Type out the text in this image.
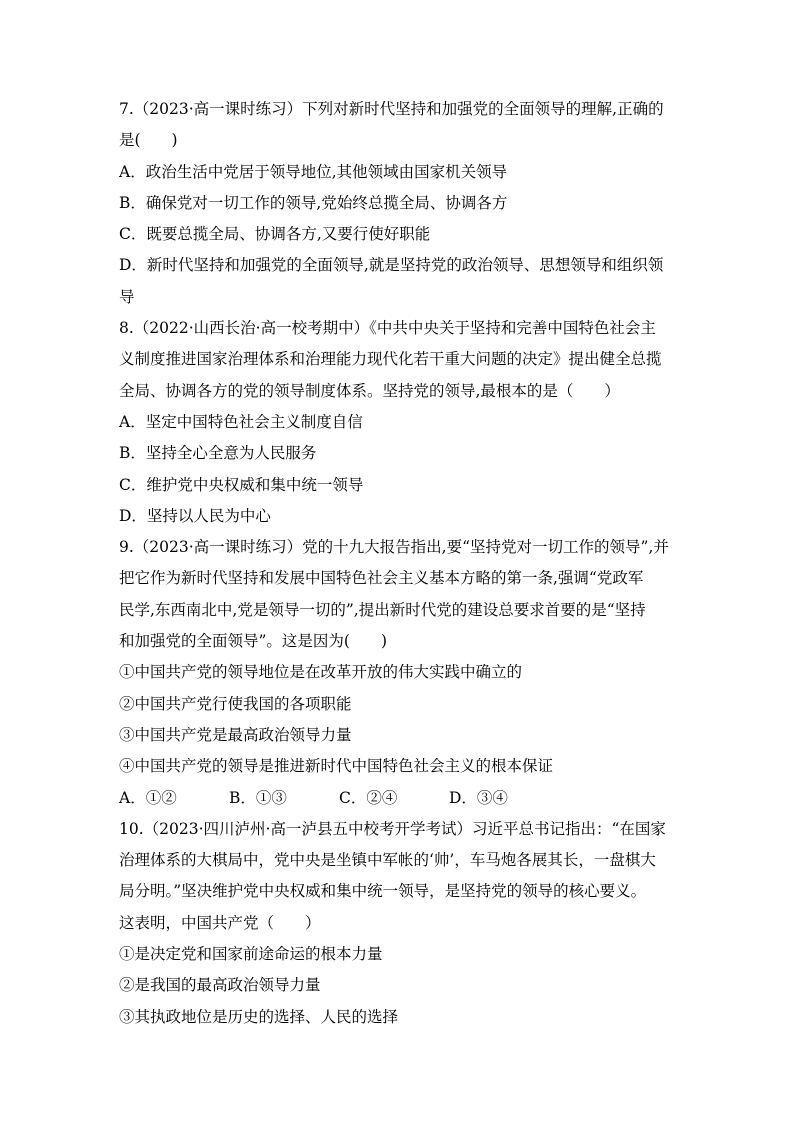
7.（2023·高一课时练习）下列对新时代坚持和加强党的全面领导的理解,正确的
是(　　)
A．政治生活中党居于领导地位,其他领域由国家机关领导
B．确保党对一切工作的领导,党始终总揽全局、协调各方
C．既要总揽全局、协调各方,又要行使好职能
D．新时代坚持和加强党的全面领导,就是坚持党的政治领导、思想领导和组织领
导
8.（2022·山西长治·高一校考期中）《中共中央关于坚持和完善中国特色社会主
义制度推进国家治理体系和治理能力现代化若干重大问题的决定》提出健全总揽
全局、协调各方的党的领导制度体系。坚持党的领导,最根本的是（　　）
A．坚定中国特色社会主义制度自信
B．坚持全心全意为人民服务
C．维护党中央权威和集中统一领导
D．坚持以人民为中心
9.（2023·高一课时练习）党的十九大报告指出,要“坚持党对一切工作的领导”,并
把它作为新时代坚持和发展中国特色社会主义基本方略的第一条,强调“党政军
民学,东西南北中,党是领导一切的”,提出新时代党的建设总要求首要的是“坚持
和加强党的全面领导”。这是因为(　　)
①中国共产党的领导地位是在改革开放的伟大实践中确立的
②中国共产党行使我国的各项职能
③中国共产党是最高政治领导力量
④中国共产党的领导是推进新时代中国特色社会主义的根本保证
A．①②	B．①③	C．②④	D．③④
10.（2023·四川泸州·高一泸县五中校考开学考试）习近平总书记指出：“在国家
治理体系的大棋局中，党中央是坐镇中军帐的‘帅’，车马炮各展其长，一盘棋大
局分明。”坚决维护党中央权威和集中统一领导，是坚持党的领导的核心要义。
这表明，中国共产党（　　）
①是决定党和国家前途命运的根本力量
②是我国的最高政治领导力量
③其执政地位是历史的选择、人民的选择
